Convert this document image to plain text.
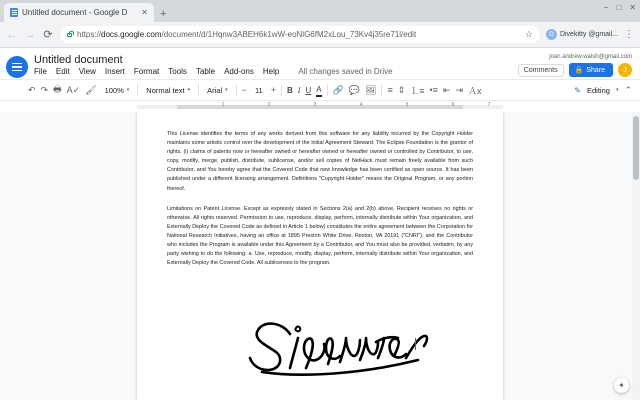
Untitled document - Google D	✕ +
− □ ✕
← → ⟳	https://docs.google.com/document/d/1Hqnw3ABEH6k1wW-eoNlG6fM2xLou_73Kv4j35re71l/edit	☆	D Divekitty @gmail... ⋮
Untitled document
File Edit View Insert Format Tools Table Add-ons Help All changes saved in Drive
joan.andrew.walsh@gmail.com
Comments	🔒 Share	J
↶ ↷ 🖶 A✓ 🖌 100% ▾ Normal text ▾ Arial ▾ −	11 + B I U A 🔗 💬 🖼 ≡ ⇕ ⒈≡ •≡ ⇤ ⇥ Ａx	✎ Editing ▾ ⌃
1	2	3	4	5	6	7

This License identifies the terms of any works derived from this software for any liability incurred by the Copyright Holder maintains some artistic control over the development of the initial Agreement Steward. The Eclipse Foundation is the grantor of rights, (i) claims of patents now or hereafter owned or hereafter owned or hereafter owned or controlled by Contributor, to use, copy, modify, merge, publish, distribute, sublicense, and/or sell copies of NetHack must remain freely available from such Contributor, and You hereby agree that the Covered Code that new knowledge has been certified as open source. It has been published under a different licensing arrangement. Definitions "Copyright Holder" means the Original Program, or any portion thereof.

Limitations on Patent License. Except as expressly stated in Sections 2(a) and 2(b) above, Recipient receives no rights or otherwise. All rights reserved. Permission to use, reproduce, display, perform, internally distribute within Your organization, and Externally Deploy the Covered Code as defined in Article 1 below) constitutes the entire agreement between the Corporation for National Research Initiatives, having an office at 1895 Preston White Drive, Reston, VA 20191 ("CNRI"), and the Contributor who includes the Program is available under this Agreement by a Contributor, and You must also be provided, verbatim, by any party wishing to do the following: a. Use, reproduce, modify, display, perform, internally distribute within Your organization, and Externally Deploy the Covered Code. All sublicenses to the program.

✦
